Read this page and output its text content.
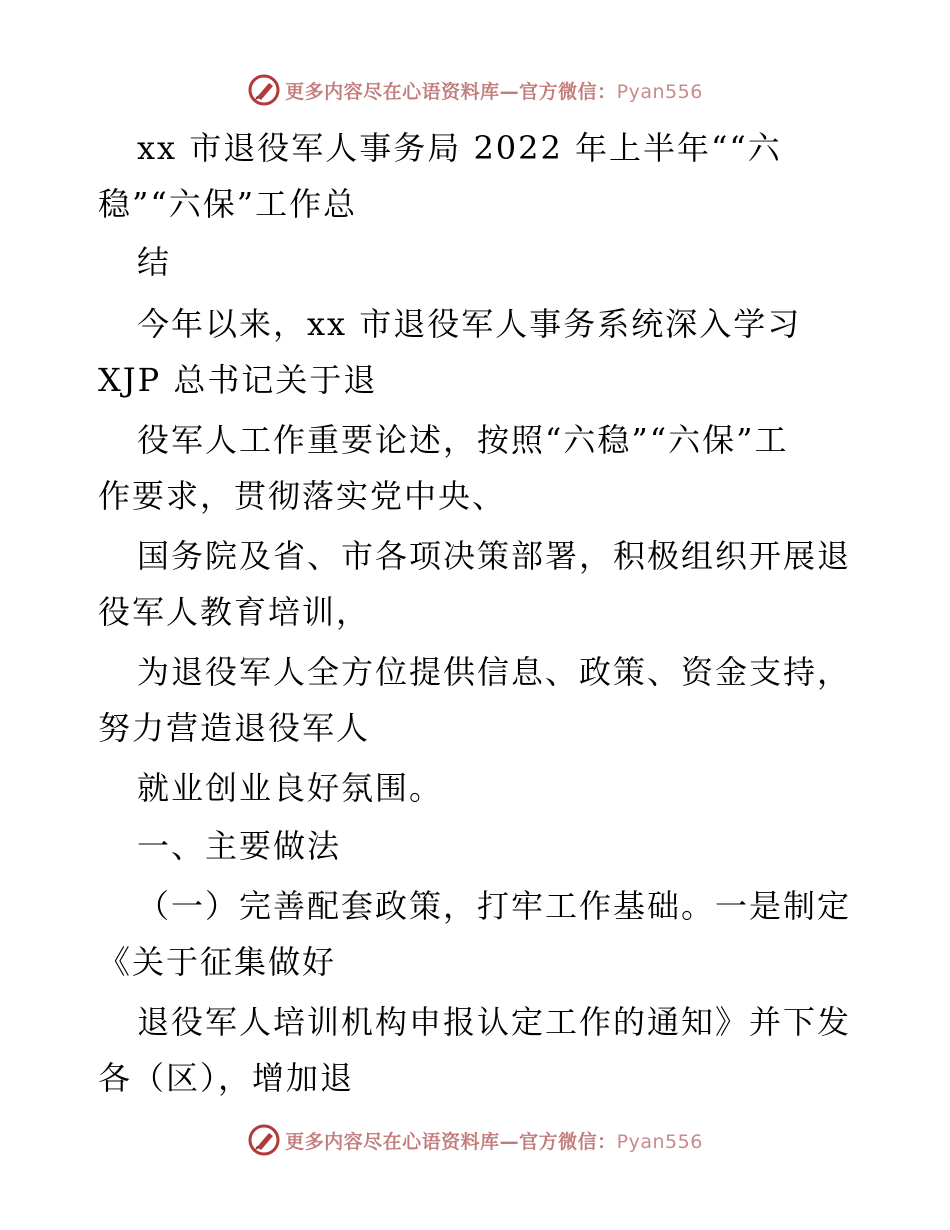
更多内容尽在心语资料库—官方微信：Pyan556
xx 市退役军人事务局 2022 年上半年““六
稳”“六保”工作总
结
今年以来，xx 市退役军人事务系统深入学习
XJP 总书记关于退
役军人工作重要论述，按照“六稳”“六保”工
作要求，贯彻落实党中央、
国务院及省、市各项决策部署，积极组织开展退
役军人教育培训，
为退役军人全方位提供信息、政策、资金支持，
努力营造退役军人
就业创业良好氛围。
一、主要做法
（一）完善配套政策，打牢工作基础。一是制定
《关于征集做好
退役军人培训机构申报认定工作的通知》并下发
各（区），增加退
更多内容尽在心语资料库—官方微信：Pyan556
